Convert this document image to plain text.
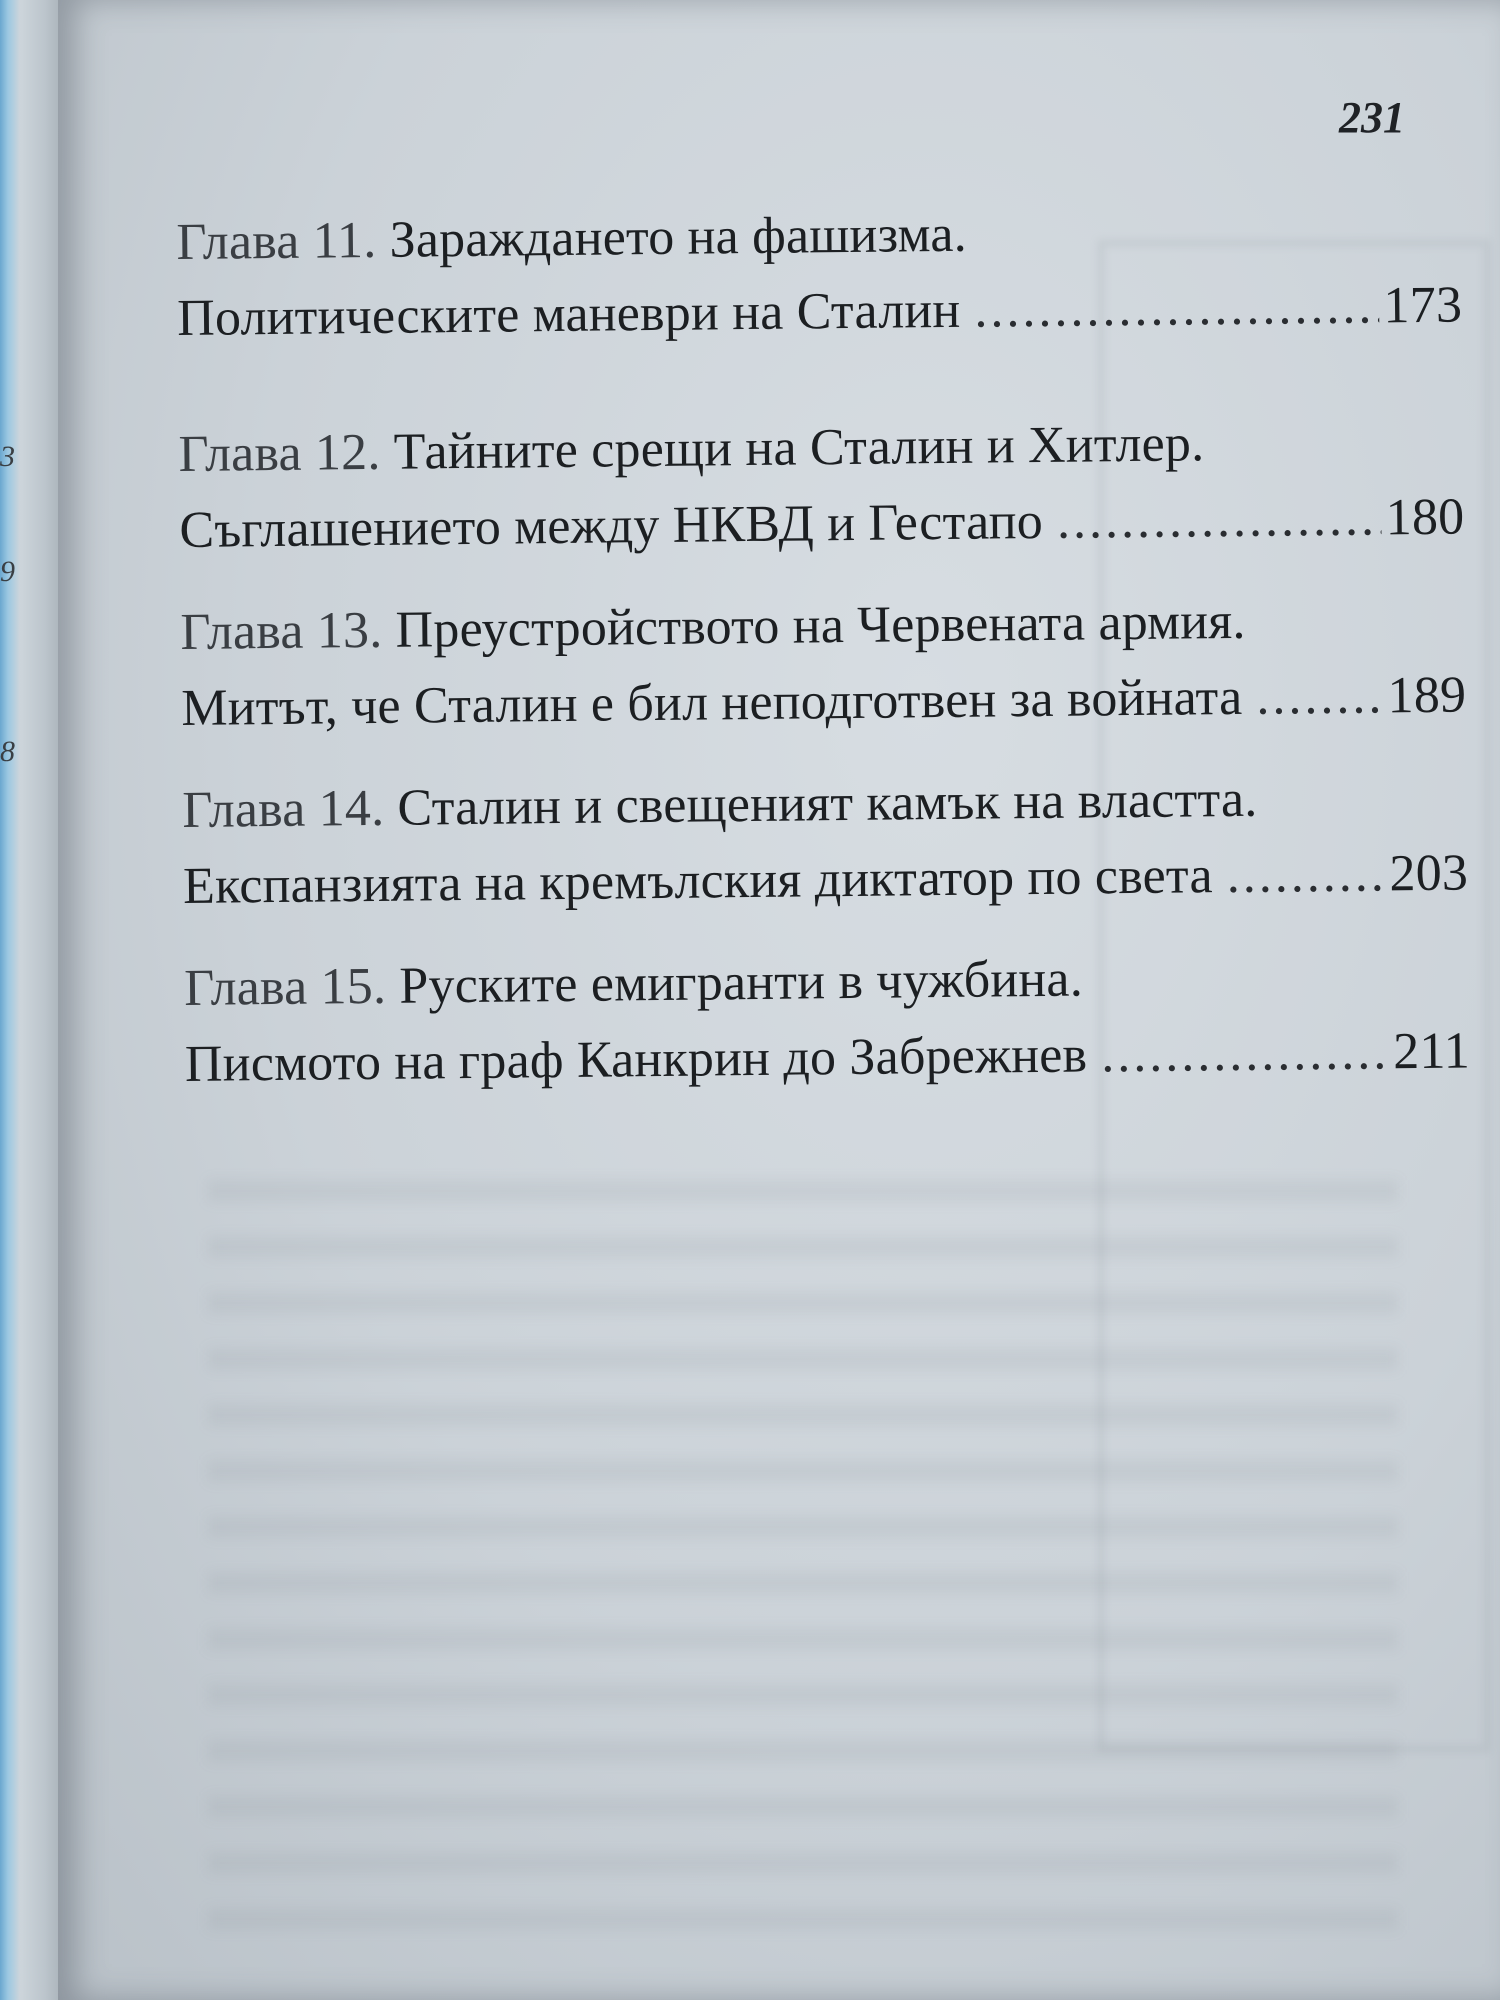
3
9
8
231
Глава 11. Зараждането на фашизма.
Политическите маневри на Сталин .....	173
Глава 12. Тайните срещи на Сталин и Хитлер.
Съглашението между НКВД и Гестапо .....	180
Глава 13. Преустройството на Червената армия.
Митът, че Сталин е бил неподготвен за войната .....	189
Глава 14. Сталин и свещеният камък на властта.
Експанзията на кремълския диктатор по света .....	203
Глава 15. Руските емигранти в чужбина.
Писмото на граф Канкрин до Забрежнев .....	211
